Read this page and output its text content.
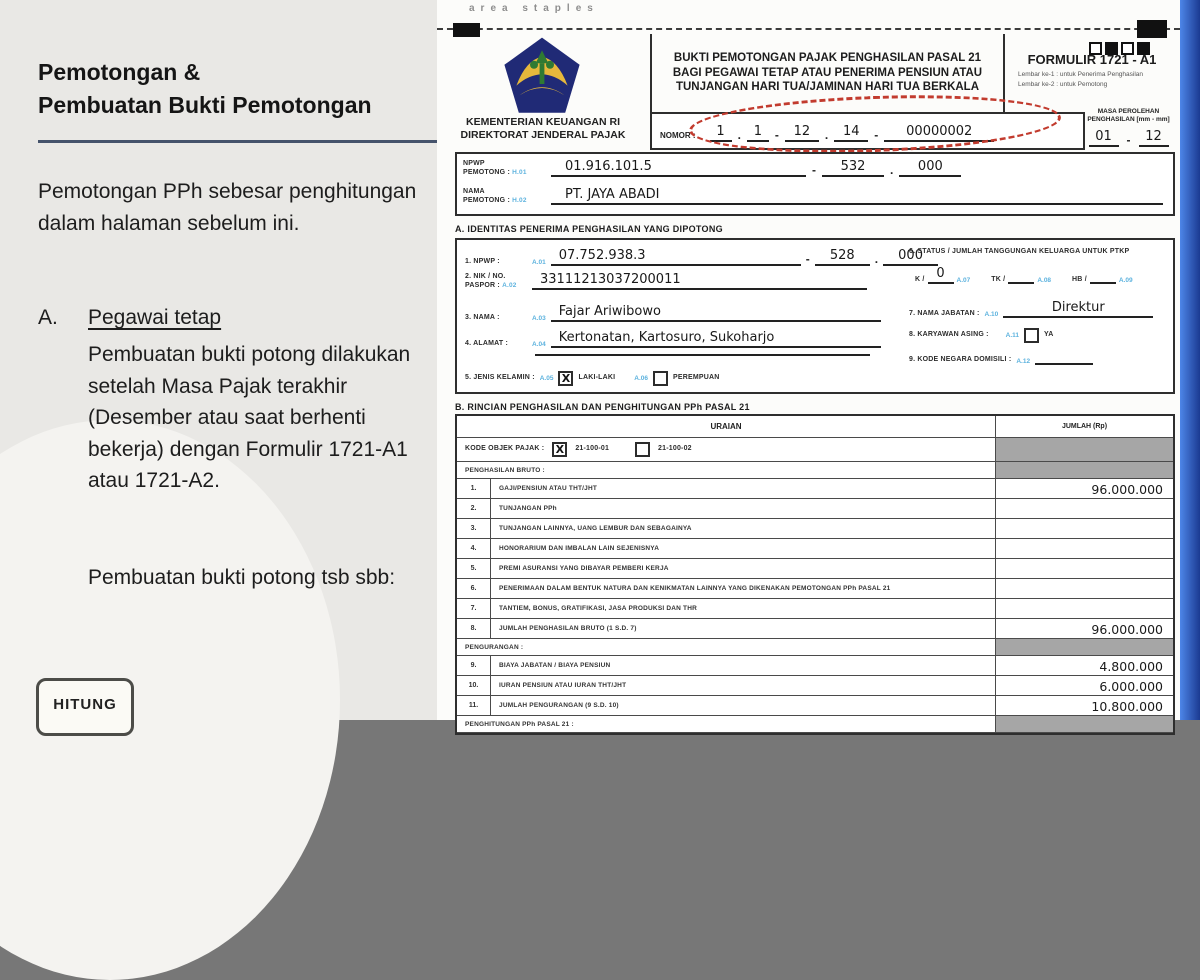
Pemotongan &
Pembuatan Bukti Pemotongan
Pemotongan PPh sebesar penghitungan dalam halaman sebelum ini.
A. Pegawai tetap
Pembuatan bukti potong dilakukan setelah Masa Pajak terakhir (Desember atau saat berhenti bekerja) dengan Formulir 1721-A1 atau 1721-A2.
Pembuatan bukti potong tsb sbb:
HITUNG
area staples
KEMENTERIAN KEUANGAN RI
DIREKTORAT JENDERAL PAJAK
BUKTI PEMOTONGAN PAJAK PENGHASILAN PASAL 21 BAGI PEGAWAI TETAP ATAU PENERIMA PENSIUN ATAU TUNJANGAN HARI TUA/JAMINAN HARI TUA BERKALA
FORMULIR 1721 - A1
Lembar ke-1 : untuk Penerima Penghasilan
Lembar ke-2 : untuk Pemotong
NOMOR :	1	. 1	-	12	.	14	-	00000002
MASA PEROLEHAN
PENGHASILAN [mm - mm]
01	-	12
NPWP
PEMOTONG : H.01	01.916.101.5	-	532	.	000
NAMA
PEMOTONG : H.02	PT. JAYA ABADI
A. IDENTITAS PENERIMA PENGHASILAN YANG DIPOTONG
1. NPWP :	A.01	07.752.938.3	-	528	.	000
2. NIK / NO.
PASPOR : A.02	33111213037200011
3. NAMA :	A.03	Fajar Ariwibowo
4. ALAMAT :	A.04	Kertonatan, Kartosuro, Sukoharjo
5. JENIS KELAMIN : A.05 X	LAKI-LAKI	A.06	PEREMPUAN
6. STATUS / JUMLAH TANGGUNGAN KELUARGA UNTUK PTKP
K / 0	A.07	TK /	A.08	HB /	A.09
7. NAMA JABATAN : A.10	Direktur
8. KARYAWAN ASING :	A.11	YA
9. KODE NEGARA DOMISILI : A.12
B. RINCIAN PENGHASILAN DAN PENGHITUNGAN PPh PASAL 21
URAIAN	JUMLAH (Rp)
KODE OBJEK PAJAK : X	21-100-01	21-100-02
PENGHASILAN BRUTO :
1.	GAJI/PENSIUN ATAU THT/JHT	96.000.000
2.	TUNJANGAN PPh
3.	TUNJANGAN LAINNYA, UANG LEMBUR DAN SEBAGAINYA
4.	HONORARIUM DAN IMBALAN LAIN SEJENISNYA
5.	PREMI ASURANSI YANG DIBAYAR PEMBERI KERJA
6.	PENERIMAAN DALAM BENTUK NATURA DAN KENIKMATAN LAINNYA YANG DIKENAKAN PEMOTONGAN PPh PASAL 21
7.	TANTIEM, BONUS, GRATIFIKASI, JASA PRODUKSI DAN THR
8.	JUMLAH PENGHASILAN BRUTO (1 S.D. 7)	96.000.000
PENGURANGAN :
9.	BIAYA JABATAN / BIAYA PENSIUN	4.800.000
10.	IURAN PENSIUN ATAU IURAN THT/JHT	6.000.000
11.	JUMLAH PENGURANGAN (9 S.D. 10)	10.800.000
PENGHITUNGAN PPh PASAL 21 :
